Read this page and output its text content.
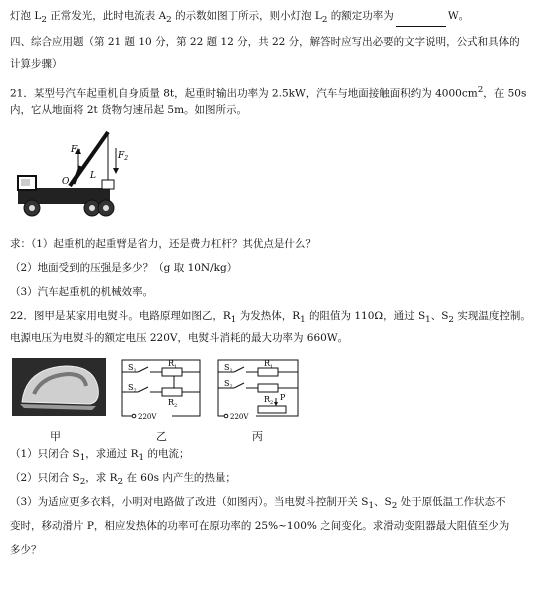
灯泡 $L_2$ 正常发光，此时电流表 $A_2$ 的示数如图丁所示，则小灯泡 $L_2$ 的额定功率为	W。
四、综合应用题（第 21 题 10 分，第 22 题 12 分，共 22 分，解答时应写出必要的文字说明，公式和具体的
计算步骤）
21．某型号汽车起重机自身质量 8t，起重时输出功率为 2.5kW，汽车与地面接触面积约为 $4000cm^2$，在 50s
内，它从地面将 2t 货物匀速吊起 5m。如图所示。
$F_1$	$F_2$
O
L
求：（1）起重机的起重臂是省力，还是费力杠杆？其优点是什么？
（2）地面受到的压强是多少？（g 取 10N/kg）
（3）汽车起重机的机械效率。
22．图甲是某家用电熨斗。电路原理如图乙，$R_1$ 为发热体，$R_1$ 的阻值为 110Ω，通过 $S_1$、$S_2$ 实现温度控制。
电源电压为电熨斗的额定电压 220V，电熨斗消耗的最大功率为 660W。
$S_1$
$S_2$
$R_1$
$R_2$
220V
$S_1$
$S_2$
$R_1$
$R_2$
P
220V
甲	乙	丙
（1）只闭合 $S_1$，求通过 $R_1$ 的电流；
（2）只闭合 $S_2$，求 $R_2$ 在 60s 内产生的热量；
（3）为适应更多衣料，小明对电路做了改进（如图丙）。当电熨斗控制开关 $S_1$、$S_2$ 处于原低温工作状态不
变时，移动滑片 P，相应发热体的功率可在原功率的 25%~100% 之间变化。求滑动变阻器最大阻值至少为
多少？
